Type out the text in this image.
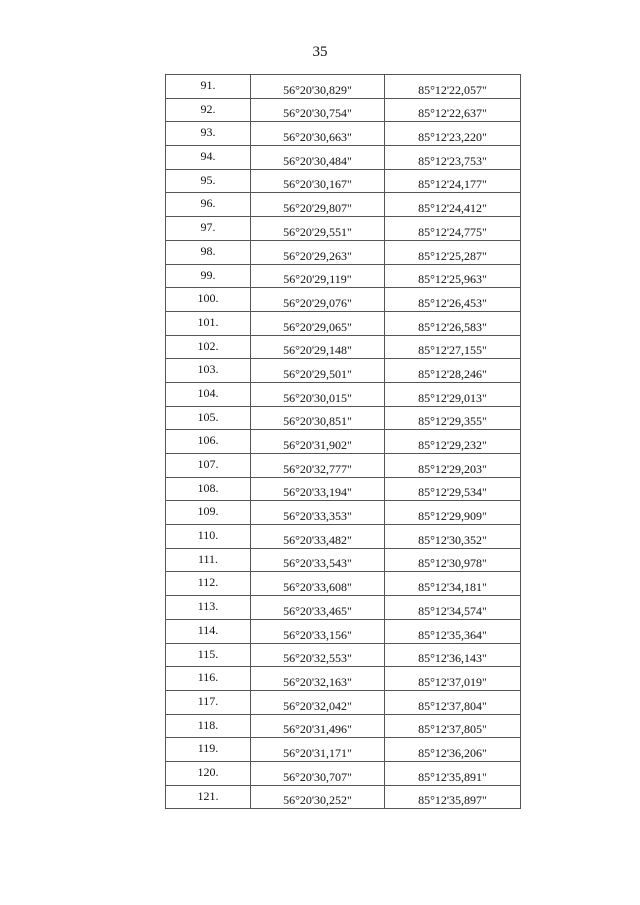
35
91.	56°20'30,829"	85°12'22,057"
92.	56°20'30,754"	85°12'22,637"
93.	56°20'30,663"	85°12'23,220"
94.	56°20'30,484"	85°12'23,753"
95.	56°20'30,167"	85°12'24,177"
96.	56°20'29,807"	85°12'24,412"
97.	56°20'29,551"	85°12'24,775"
98.	56°20'29,263"	85°12'25,287"
99.	56°20'29,119"	85°12'25,963"
100.	56°20'29,076"	85°12'26,453"
101.	56°20'29,065"	85°12'26,583"
102.	56°20'29,148"	85°12'27,155"
103.	56°20'29,501"	85°12'28,246"
104.	56°20'30,015"	85°12'29,013"
105.	56°20'30,851"	85°12'29,355"
106.	56°20'31,902"	85°12'29,232"
107.	56°20'32,777"	85°12'29,203"
108.	56°20'33,194"	85°12'29,534"
109.	56°20'33,353"	85°12'29,909"
110.	56°20'33,482"	85°12'30,352"
111.	56°20'33,543"	85°12'30,978"
112.	56°20'33,608"	85°12'34,181"
113.	56°20'33,465"	85°12'34,574"
114.	56°20'33,156"	85°12'35,364"
115.	56°20'32,553"	85°12'36,143"
116.	56°20'32,163"	85°12'37,019"
117.	56°20'32,042"	85°12'37,804"
118.	56°20'31,496"	85°12'37,805"
119.	56°20'31,171"	85°12'36,206"
120.	56°20'30,707"	85°12'35,891"
121.	56°20'30,252"	85°12'35,897"
